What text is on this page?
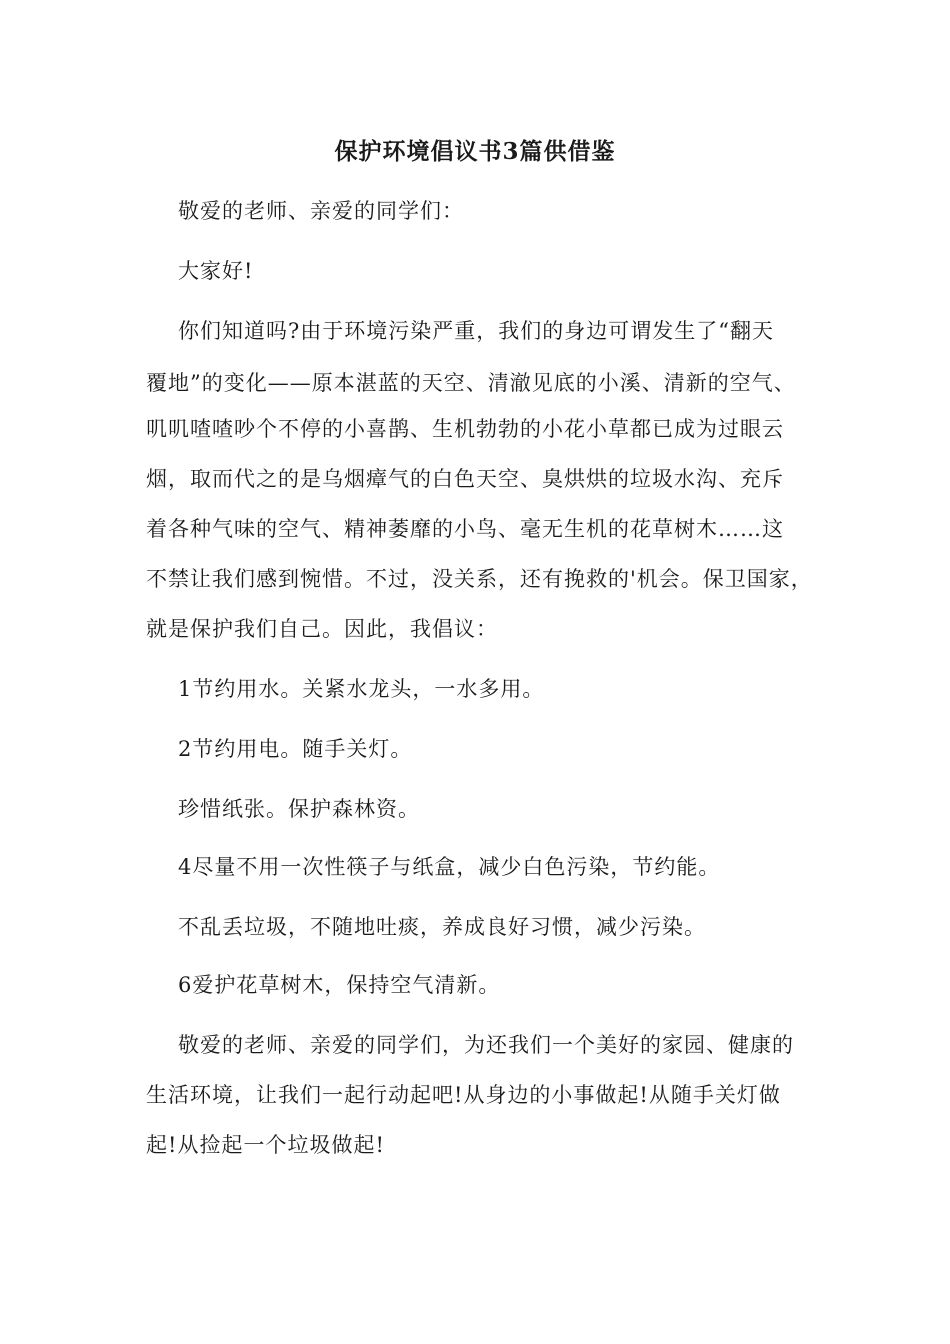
保护环境倡议书3篇供借鉴
敬爱的老师、亲爱的同学们：
大家好!
你们知道吗?由于环境污染严重，我们的身边可谓发生了“翻天
覆地”的变化——原本湛蓝的天空、清澈见底的小溪、清新的空气、
叽叽喳喳吵个不停的小喜鹊、生机勃勃的小花小草都已成为过眼云
烟，取而代之的是乌烟瘴气的白色天空、臭烘烘的垃圾水沟、充斥
着各种气味的空气、精神萎靡的小鸟、毫无生机的花草树木……这
不禁让我们感到惋惜。不过，没关系，还有挽救的'机会。保卫国家，
就是保护我们自己。因此，我倡议：
1节约用水。关紧水龙头，一水多用。
2节约用电。随手关灯。
珍惜纸张。保护森林资。
4尽量不用一次性筷子与纸盒，减少白色污染，节约能。
不乱丢垃圾，不随地吐痰，养成良好习惯，减少污染。
6爱护花草树木，保持空气清新。
敬爱的老师、亲爱的同学们，为还我们一个美好的家园、健康的
生活环境，让我们一起行动起吧!从身边的小事做起!从随手关灯做
起!从捡起一个垃圾做起!
